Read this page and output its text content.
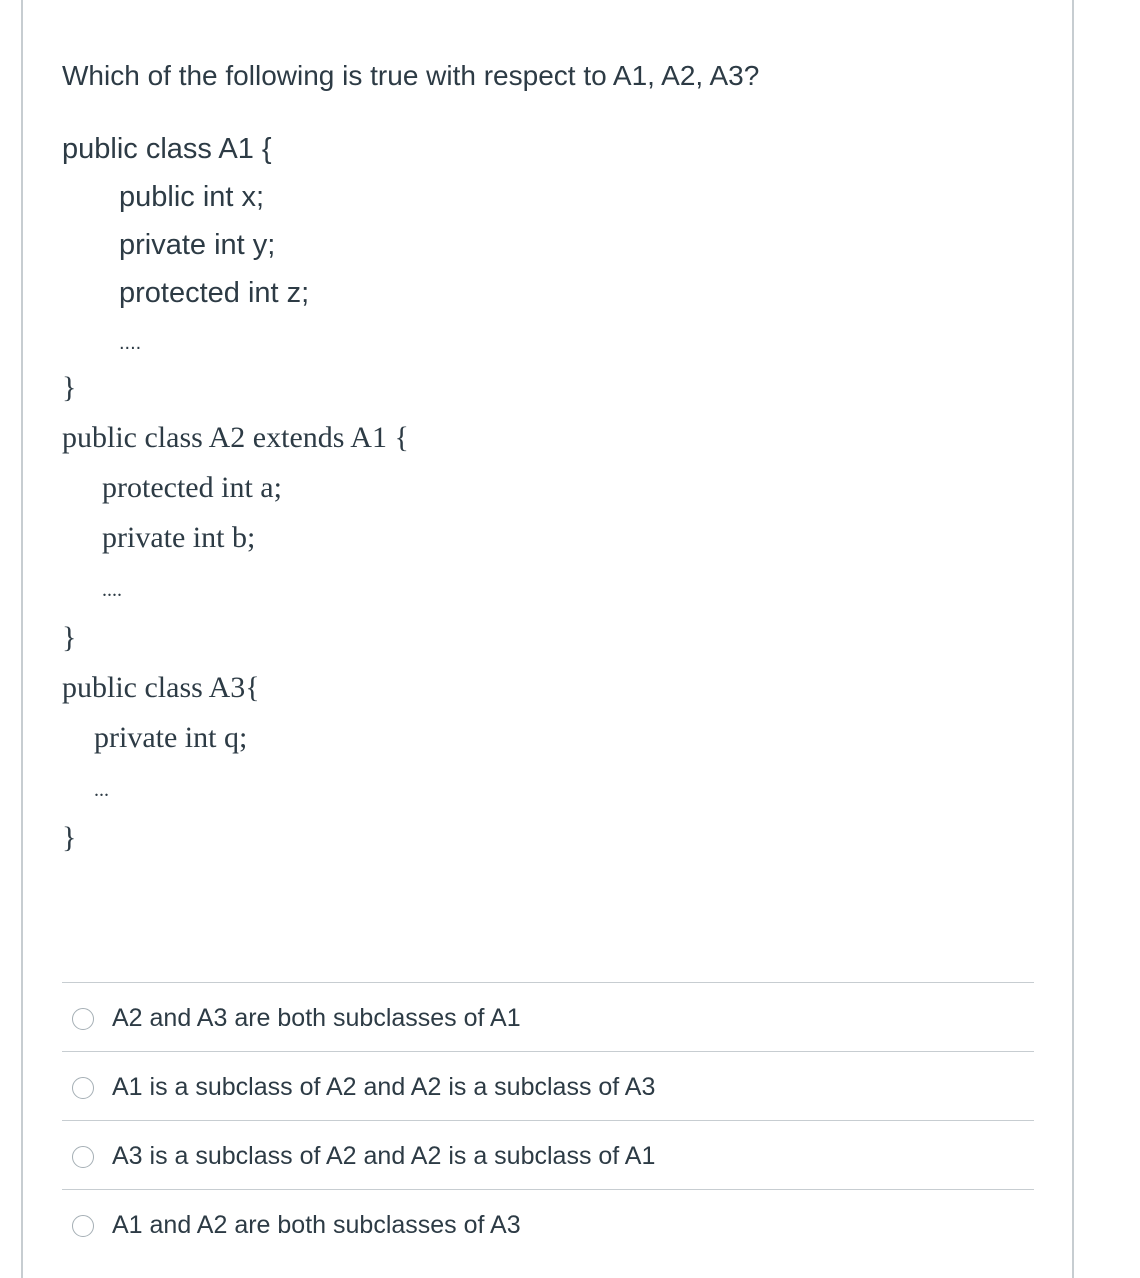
Which of the following is true with respect to A1, A2, A3?
public class A1 {
public int x;
private int y;
protected int z;
....
}
public class A2 extends A1 {
protected int a;
private int b;
....
}
public class A3{
private int q;
...
}
A2 and A3 are both subclasses of A1
A1 is a subclass of A2 and A2 is a subclass of A3
A3 is a subclass of A2 and A2 is a subclass of A1
A1 and A2 are both subclasses of A3
